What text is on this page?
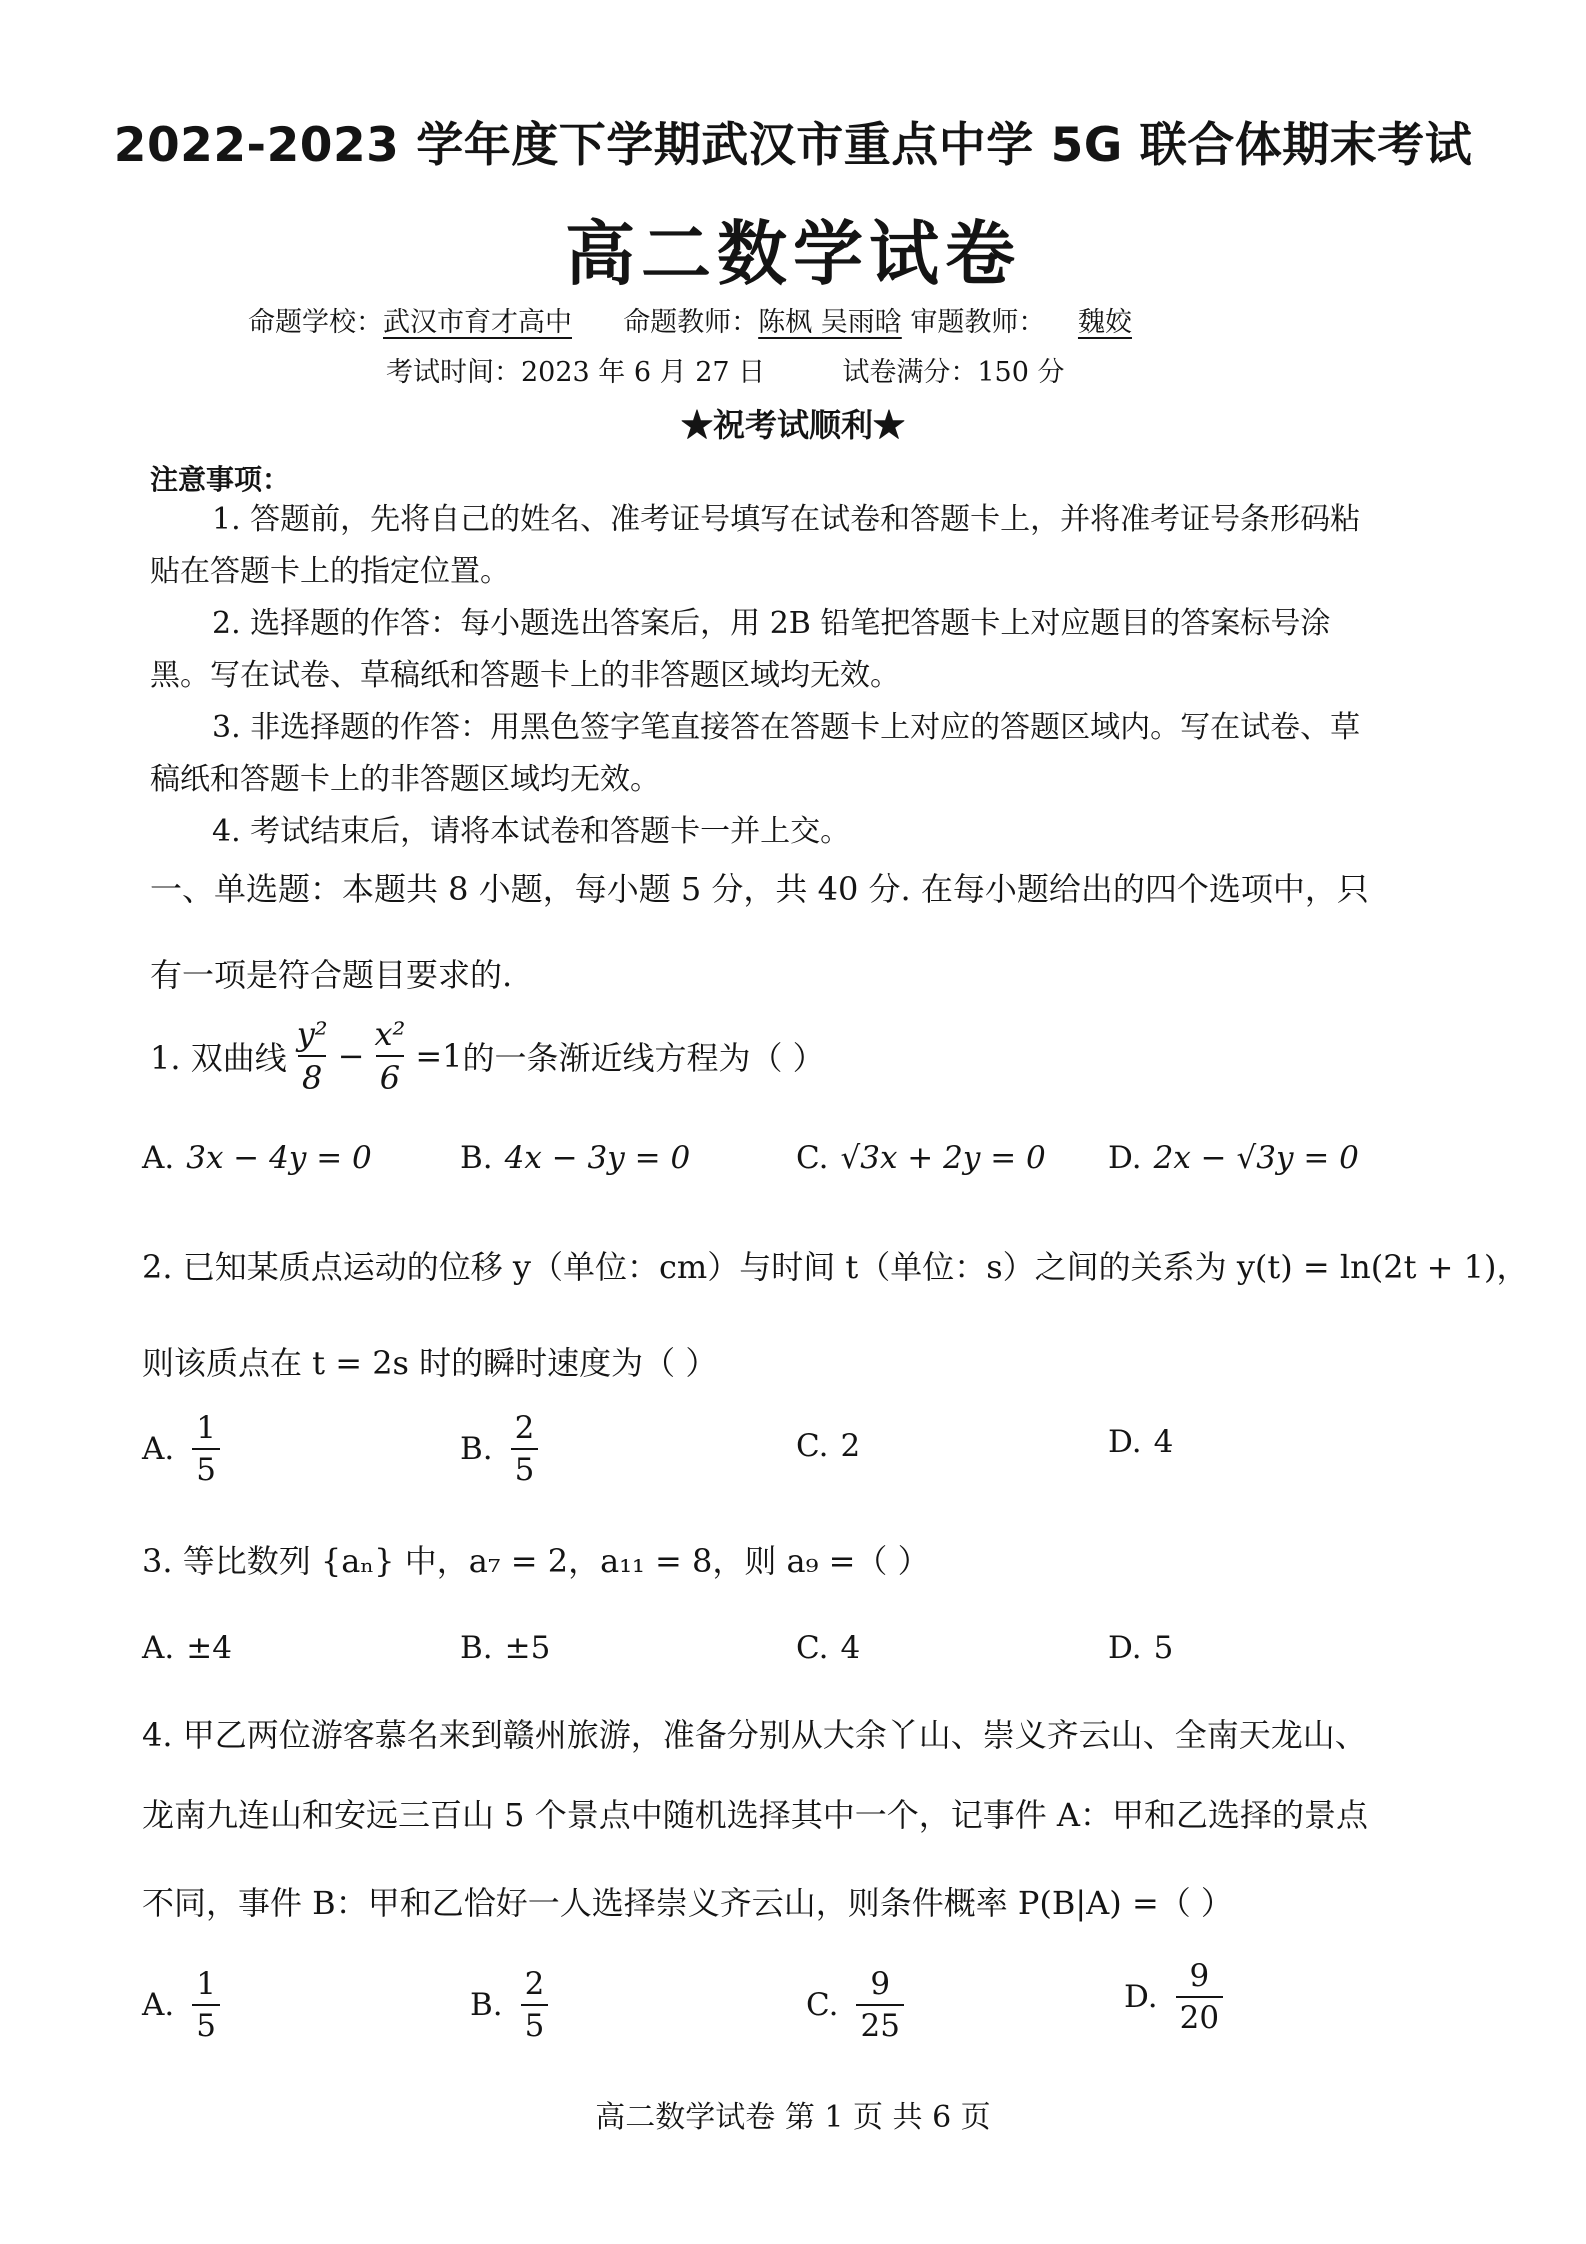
2022-2023 学年度下学期武汉市重点中学 5G 联合体期末考试
高二数学试卷
命题学校：武汉市育才高中 命题教师：陈枫 吴雨晗 审题教师： 魏姣
考试时间：2023 年 6 月 27 日	试卷满分：150 分
★祝考试顺利★
注意事项：
1. 答题前，先将自己的姓名、准考证号填写在试卷和答题卡上，并将准考证号条形码粘贴在答题卡上的指定位置。
2. 选择题的作答：每小题选出答案后，用 2B 铅笔把答题卡上对应题目的答案标号涂黑。写在试卷、草稿纸和答题卡上的非答题区域均无效。
3. 非选择题的作答：用黑色签字笔直接答在答题卡上对应的答题区域内。写在试卷、草稿纸和答题卡上的非答题区域均无效。
4. 考试结束后，请将本试卷和答题卡一并上交。
一、单选题：本题共 8 小题，每小题 5 分，共 40 分. 在每小题给出的四个选项中，只有一项是符合题目要求的.
1. 双曲线 $\frac{\text{y²}}{8} - \frac{\text{x²}}{6} =1$ 的一条渐近线方程为（ ）
A. 3x − 4y = 0	B. 4x − 3y = 0	C. √3x + 2y = 0 D. 2x − √3y = 0
2. 已知某质点运动的位移 y（单位：cm）与时间 t（单位：s）之间的关系为 y(t) = ln(2t + 1)，
则该质点在 t = 2s 时的瞬时速度为（ ）
A. $\frac{1}{5}$	B. $\frac{2}{5}$	C. 2	D. 4
3. 等比数列 {aₙ} 中，a₇ = 2，a₁₁ = 8，则 a₉ =（ ）
A. ±4	B. ±5	C. 4	D. 5
4. 甲乙两位游客慕名来到赣州旅游，准备分别从大余丫山、崇义齐云山、全南天龙山、
龙南九连山和安远三百山 5 个景点中随机选择其中一个，记事件 A：甲和乙选择的景点
不同，事件 B：甲和乙恰好一人选择崇义齐云山，则条件概率 P(B|A) =（ ）
A. $\frac{1}{5}$	B. $\frac{2}{5}$	C. $\frac{9}{25}$	D. $\frac{9}{20}$
高二数学试卷 第 1 页 共 6 页
